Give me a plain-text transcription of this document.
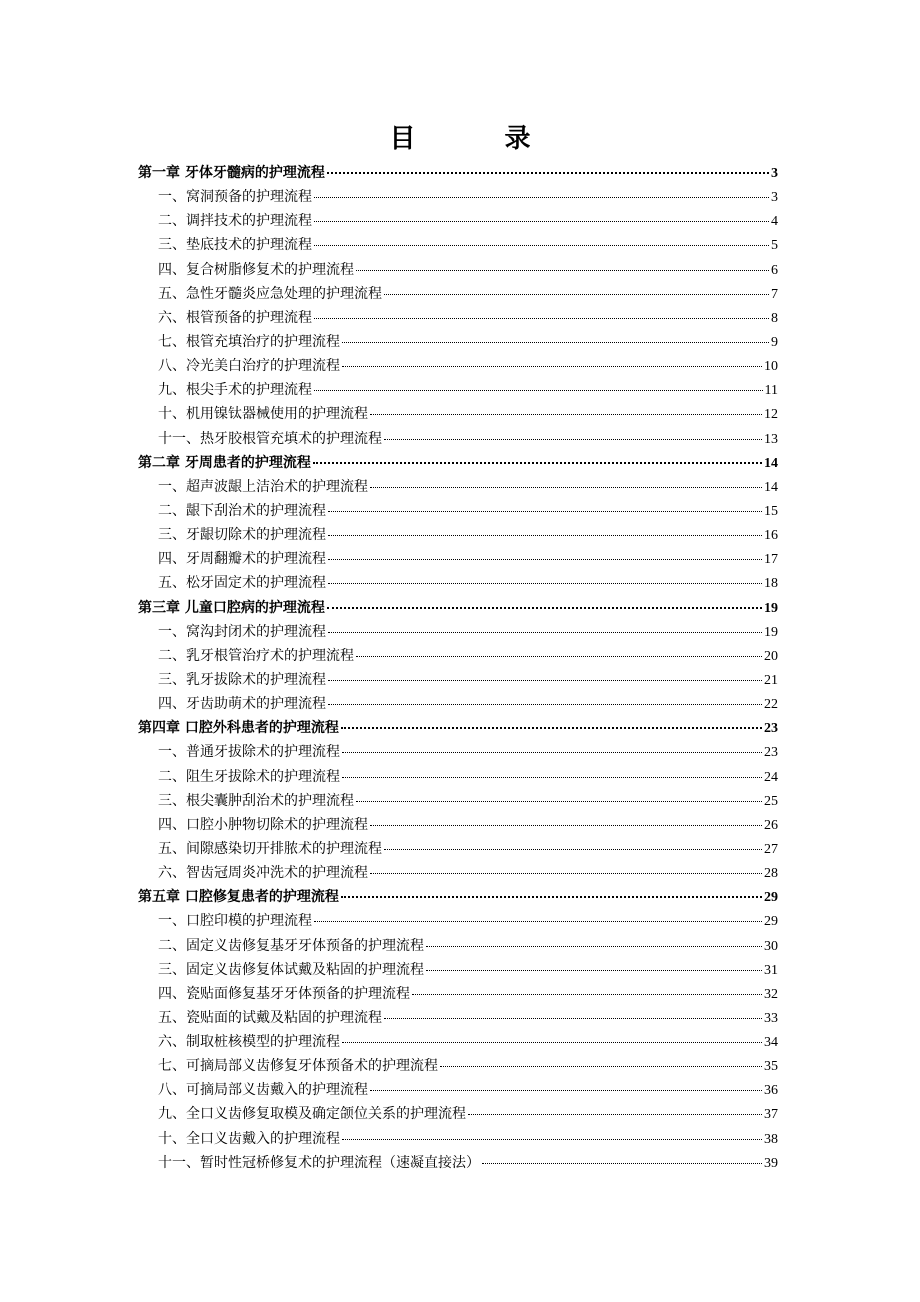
目 录
第一章 牙体牙髓病的护理流程	3
一、窝洞预备的护理流程	3
二、调拌技术的护理流程	4
三、垫底技术的护理流程	5
四、复合树脂修复术的护理流程	6
五、急性牙髓炎应急处理的护理流程	7
六、根管预备的护理流程	8
七、根管充填治疗的护理流程	9
八、冷光美白治疗的护理流程	10
九、根尖手术的护理流程	11
十、机用镍钛器械使用的护理流程	12
十一、热牙胶根管充填术的护理流程	13
第二章 牙周患者的护理流程	14
一、超声波龈上洁治术的护理流程	14
二、龈下刮治术的护理流程	15
三、牙龈切除术的护理流程	16
四、牙周翻瓣术的护理流程	17
五、松牙固定术的护理流程	18
第三章 儿童口腔病的护理流程	19
一、窝沟封闭术的护理流程	19
二、乳牙根管治疗术的护理流程	20
三、乳牙拔除术的护理流程	21
四、牙齿助萌术的护理流程	22
第四章 口腔外科患者的护理流程	23
一、普通牙拔除术的护理流程	23
二、阻生牙拔除术的护理流程	24
三、根尖囊肿刮治术的护理流程	25
四、口腔小肿物切除术的护理流程	26
五、间隙感染切开排脓术的护理流程	27
六、智齿冠周炎冲洗术的护理流程	28
第五章 口腔修复患者的护理流程	29
一、口腔印模的护理流程	29
二、固定义齿修复基牙牙体预备的护理流程	30
三、固定义齿修复体试戴及粘固的护理流程	31
四、瓷贴面修复基牙牙体预备的护理流程	32
五、瓷贴面的试戴及粘固的护理流程	33
六、制取桩核模型的护理流程	34
七、可摘局部义齿修复牙体预备术的护理流程	35
八、可摘局部义齿戴入的护理流程	36
九、全口义齿修复取模及确定颌位关系的护理流程	37
十、全口义齿戴入的护理流程	38
十一、暂时性冠桥修复术的护理流程（速凝直接法）	39
